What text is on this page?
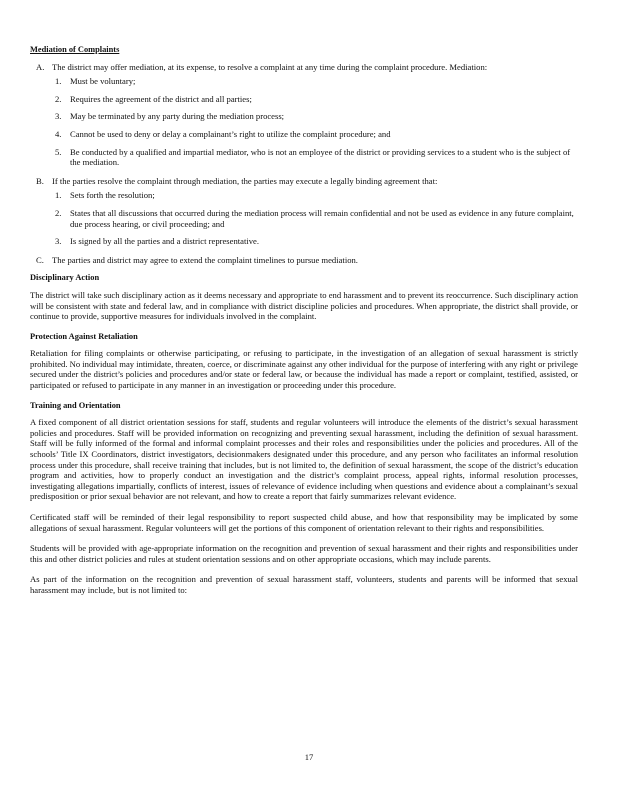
Mediation of Complaints
A. The district may offer mediation, at its expense, to resolve a complaint at any time during the complaint procedure. Mediation:
1. Must be voluntary;
2. Requires the agreement of the district and all parties;
3. May be terminated by any party during the mediation process;
4. Cannot be used to deny or delay a complainant’s right to utilize the complaint procedure; and
5. Be conducted by a qualified and impartial mediator, who is not an employee of the district or providing services to a student who is the subject of the mediation.
B. If the parties resolve the complaint through mediation, the parties may execute a legally binding agreement that:
1. Sets forth the resolution;
2. States that all discussions that occurred during the mediation process will remain confidential and not be used as evidence in any future complaint, due process hearing, or civil proceeding; and
3. Is signed by all the parties and a district representative.
C. The parties and district may agree to extend the complaint timelines to pursue mediation.
Disciplinary Action

The district will take such disciplinary action as it deems necessary and appropriate to end harassment and to prevent its reoccurrence. Such disciplinary action will be consistent with state and federal law, and in compliance with district discipline policies and procedures. When appropriate, the district shall provide, or continue to provide, supportive measures for individuals involved in the complaint.

Protection Against Retaliation

Retaliation for filing complaints or otherwise participating, or refusing to participate, in the investigation of an allegation of sexual harassment is strictly prohibited. No individual may intimidate, threaten, coerce, or discriminate against any other individual for the purpose of interfering with any right or privilege secured under the district’s policies and procedures and/or state or federal law, or because the individual has made a report or complaint, testified, assisted, or participated or refused to participate in any manner in an investigation or proceeding under this procedure.

Training and Orientation

A fixed component of all district orientation sessions for staff, students and regular volunteers will introduce the elements of the district’s sexual harassment policies and procedures. Staff will be provided information on recognizing and preventing sexual harassment, including the definition of sexual harassment. Staff will be fully informed of the formal and informal complaint processes and their roles and responsibilities under the policies and procedures. All of the schools’ Title IX Coordinators, district investigators, decisionmakers designated under this procedure, and any person who facilitates an informal resolution process under this procedure, shall receive training that includes, but is not limited to, the definition of sexual harassment, the scope of the district’s education program and activities, how to properly conduct an investigation and the district’s complaint process, appeal rights, informal resolution processes, investigating allegations impartially, conflicts of interest, issues of relevance of evidence including when questions and evidence about a complainant’s sexual predisposition or prior sexual behavior are not relevant, and how to create a report that fairly summarizes relevant evidence.

Certificated staff will be reminded of their legal responsibility to report suspected child abuse, and how that responsibility may be implicated by some allegations of sexual harassment. Regular volunteers will get the portions of this component of orientation relevant to their rights and responsibilities.

Students will be provided with age-appropriate information on the recognition and prevention of sexual harassment and their rights and responsibilities under this and other district policies and rules at student orientation sessions and on other appropriate occasions, which may include parents.

As part of the information on the recognition and prevention of sexual harassment staff, volunteers, students and parents will be informed that sexual harassment may include, but is not limited to:

17
